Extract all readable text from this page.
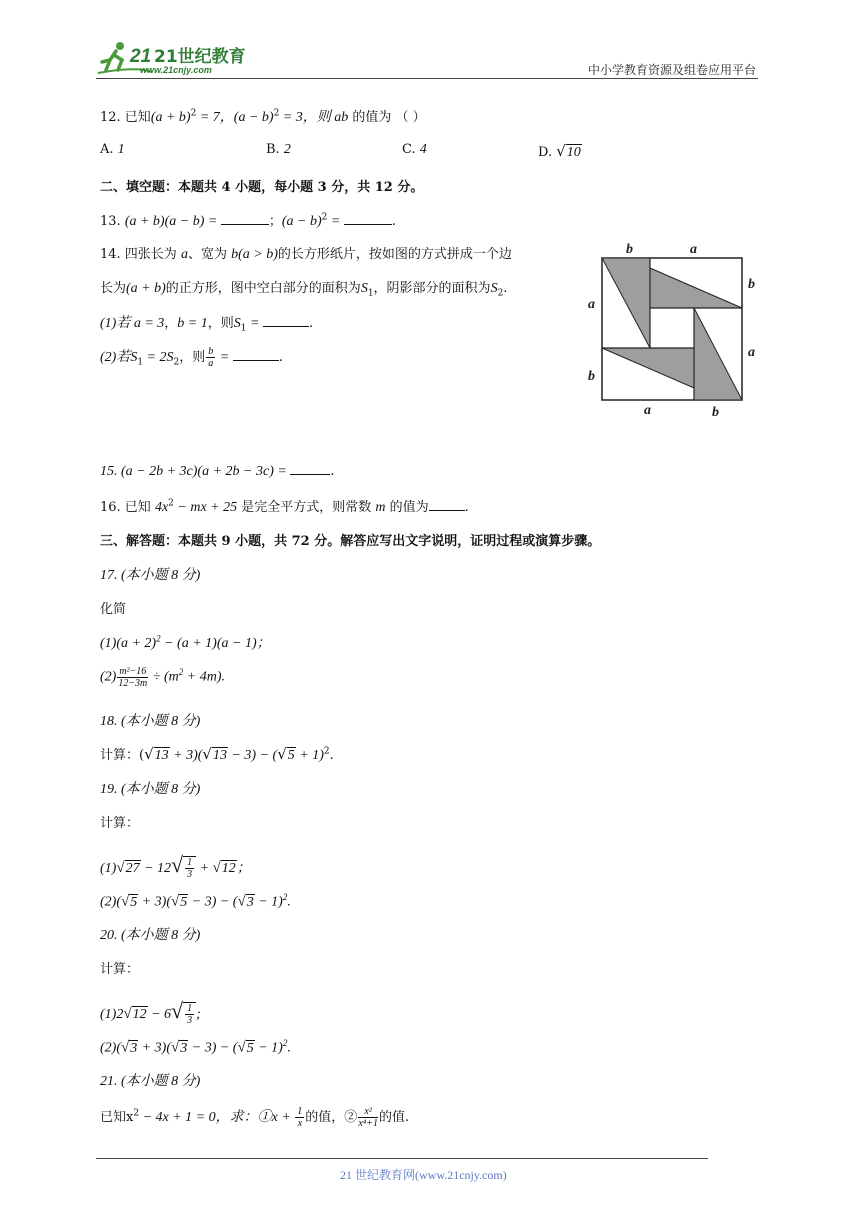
21 21世纪教育
www.21cnjy.com	中小学教育资源及组卷应用平台
12. 已知$(a + b)^2 = 7$，$(a - b)^2 = 3$，则 ab 的值为 （ ）
A. 1	B. 2	C. 4	D. √10
二、填空题：本题共 4 小题，每小题 3 分，共 12 分。
13. (a + b)(a − b) =	；$(a - b)^2$ =	.
14. 四张长为 a、宽为 b(a > b)的长方形纸片，按如图的方式拼成一个边
长为(a + b)的正方形，图中空白部分的面积为$S_1$，阴影部分的面积为$S_2$.
(1)若 a = 3，b = 1，则$S_1$ =	.
(2)若$S_1 = 2S_2$，则 $\frac{b}{a}$ =	.
b	a
a
b
b
a
a	b
15. (a − 2b + 3c)(a + 2b − 3c) =	.
16. 已知 $4x^2$ − mx + 25 是完全平方式，则常数 m 的值为	.
三、解答题：本题共 9 小题，共 72 分。解答应写出文字说明，证明过程或演算步骤。
17. (本小题 8 分)
化简
$(1)(a + 2)^2 - (a + 1)(a - 1)$；
$(2) \frac{\text{m²−16}}{12-3m} \div (m^2 + 4m)$.
18. (本小题 8 分)
计算：$(√13 + 3)(√13 - 3) - (√5 + 1)^2$.
19. (本小题 8 分)
计算：
$(1)√27 - 12√ \frac{1}{3} + √12$；
$(2)(√5 + 3)(√5 - 3) - (√3 - 1)^2$.
20. (本小题 8 分)
计算：
$(1)2√12 - 6√ \frac{1}{3}$ ;
$(2)(√3 + 3)(√3 - 3) - (√5 - 1)^2$.
21. (本小题 8 分)
已知$x^2 - 4x + 1 = 0$，求：①x + $\frac{1}{x}$ 的值，② $\frac{\text{x²}}{\text{x⁴+1}}$ 的值.
21 世纪教育网(www.21cnjy.com)
